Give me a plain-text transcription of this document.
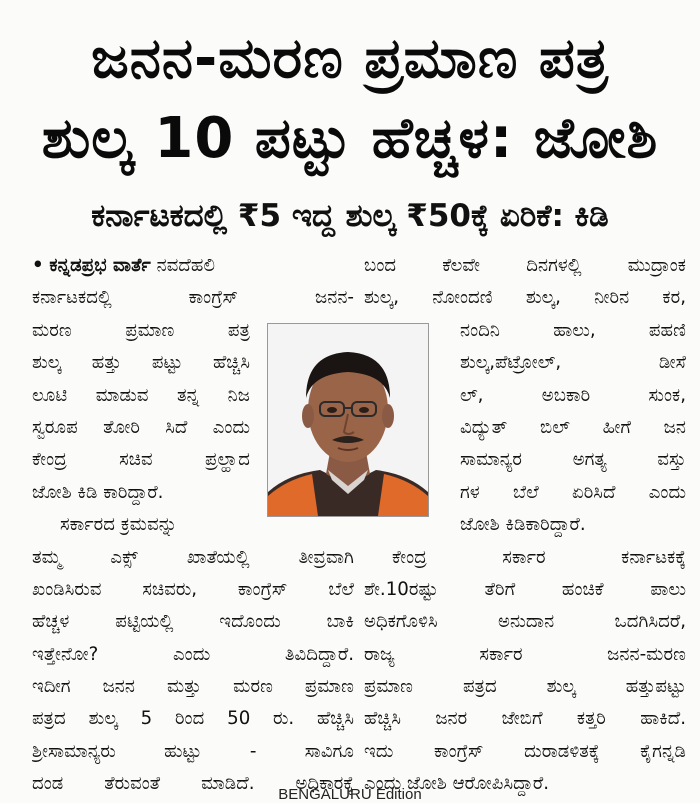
ಜನನ-ಮರಣ ಪ್ರಮಾಣ ಪತ್ರ
ಶುಲ್ಕ 10 ಪಟ್ಟು ಹೆಚ್ಚಳ: ಜೋಶಿ
ಕರ್ನಾಟಕದಲ್ಲಿ ₹5 ಇದ್ದ ಶುಲ್ಕ ₹50ಕ್ಕೆ ಏರಿಕೆ: ಕಿಡಿ
• ಕನ್ನಡಪ್ರಭ ವಾರ್ತೆ ನವದೆಹಲಿ
ಕರ್ನಾಟಕದಲ್ಲಿ ಕಾಂಗ್ರೆಸ್ ಜನನ-
ಮರಣ ಪ್ರಮಾಣ ಪತ್ರ
ಶುಲ್ಕ ಹತ್ತು ಪಟ್ಟು ಹೆಚ್ಚಿಸಿ
ಲೂಟಿ ಮಾಡುವ ತನ್ನ ನಿಜ
ಸ್ವರೂಪ ತೋರಿ ಸಿದೆ ಎಂದು
ಕೇಂದ್ರ ಸಚಿವ ಪ್ರಲ್ಹಾದ
ಜೋಶಿ ಕಿಡಿ ಕಾರಿದ್ದಾರೆ.
ಸರ್ಕಾರದ ಕ್ರಮವನ್ನು
ತಮ್ಮ ಎಕ್ಸ್ ಖಾತೆಯಲ್ಲಿ ತೀವ್ರವಾಗಿ
ಖಂಡಿಸಿರುವ ಸಚಿವರು, ಕಾಂಗ್ರೆಸ್ ಬೆಲೆ
ಹೆಚ್ಚಳ ಪಟ್ಟಿಯಲ್ಲಿ ಇದೊಂದು ಬಾಕಿ
ಇತ್ತೇನೋ? ಎಂದು ತಿವಿದಿದ್ದಾರೆ.
ಇದೀಗ ಜನನ ಮತ್ತು ಮರಣ ಪ್ರಮಾಣ
ಪತ್ರದ ಶುಲ್ಕ 5 ರಿಂದ 50 ರು. ಹೆಚ್ಚಿಸಿ
ಶ್ರೀಸಾಮಾನ್ಯರು ಹುಟ್ಟು - ಸಾವಿಗೂ
ದಂಡ ತೆರುವಂತೆ ಮಾಡಿದೆ. ಅಧಿಕಾರಕ್ಕೆ
ಬಂದ ಕೆಲವೇ ದಿನಗಳಲ್ಲಿ ಮುದ್ರಾಂಕ
ಶುಲ್ಕ, ನೋಂದಣಿ ಶುಲ್ಕ, ನೀರಿನ ಕರ,
ನಂದಿನಿ ಹಾಲು, ಪಹಣಿ
ಶುಲ್ಕ,ಪೆಟ್ರೋಲ್, ಡೀಸೆ
ಲ್, ಅಬಕಾರಿ ಸುಂಕ,
ವಿದ್ಯುತ್ ಬಿಲ್ ಹೀಗೆ ಜನ
ಸಾಮಾನ್ಯರ ಅಗತ್ಯ ವಸ್ತು
ಗಳ ಬೆಲೆ ಏರಿಸಿದೆ ಎಂದು
ಜೋಶಿ ಕಿಡಿಕಾರಿದ್ದಾರೆ.
ಕೇಂದ್ರ ಸರ್ಕಾರ ಕರ್ನಾಟಕಕ್ಕೆ
ಶೇ.10ರಷ್ಟು ತೆರಿಗೆ ಹಂಚಿಕೆ ಪಾಲು
ಅಧಿಕಗೊಳಿಸಿ ಅನುದಾನ ಒದಗಿಸಿದರೆ,
ರಾಜ್ಯ ಸರ್ಕಾರ ಜನನ-ಮರಣ
ಪ್ರಮಾಣ ಪತ್ರದ ಶುಲ್ಕ ಹತ್ತುಪಟ್ಟು
ಹೆಚ್ಚಿಸಿ ಜನರ ಜೇಬಿಗೆ ಕತ್ತರಿ ಹಾಕಿದೆ.
ಇದು ಕಾಂಗ್ರೆಸ್ ದುರಾಡಳಿತಕ್ಕೆ ಕೈಗನ್ನಡಿ
ಎಂದು ಜೋಶಿ ಆರೋಪಿಸಿದ್ದಾರೆ.
BENGALURU Edition
